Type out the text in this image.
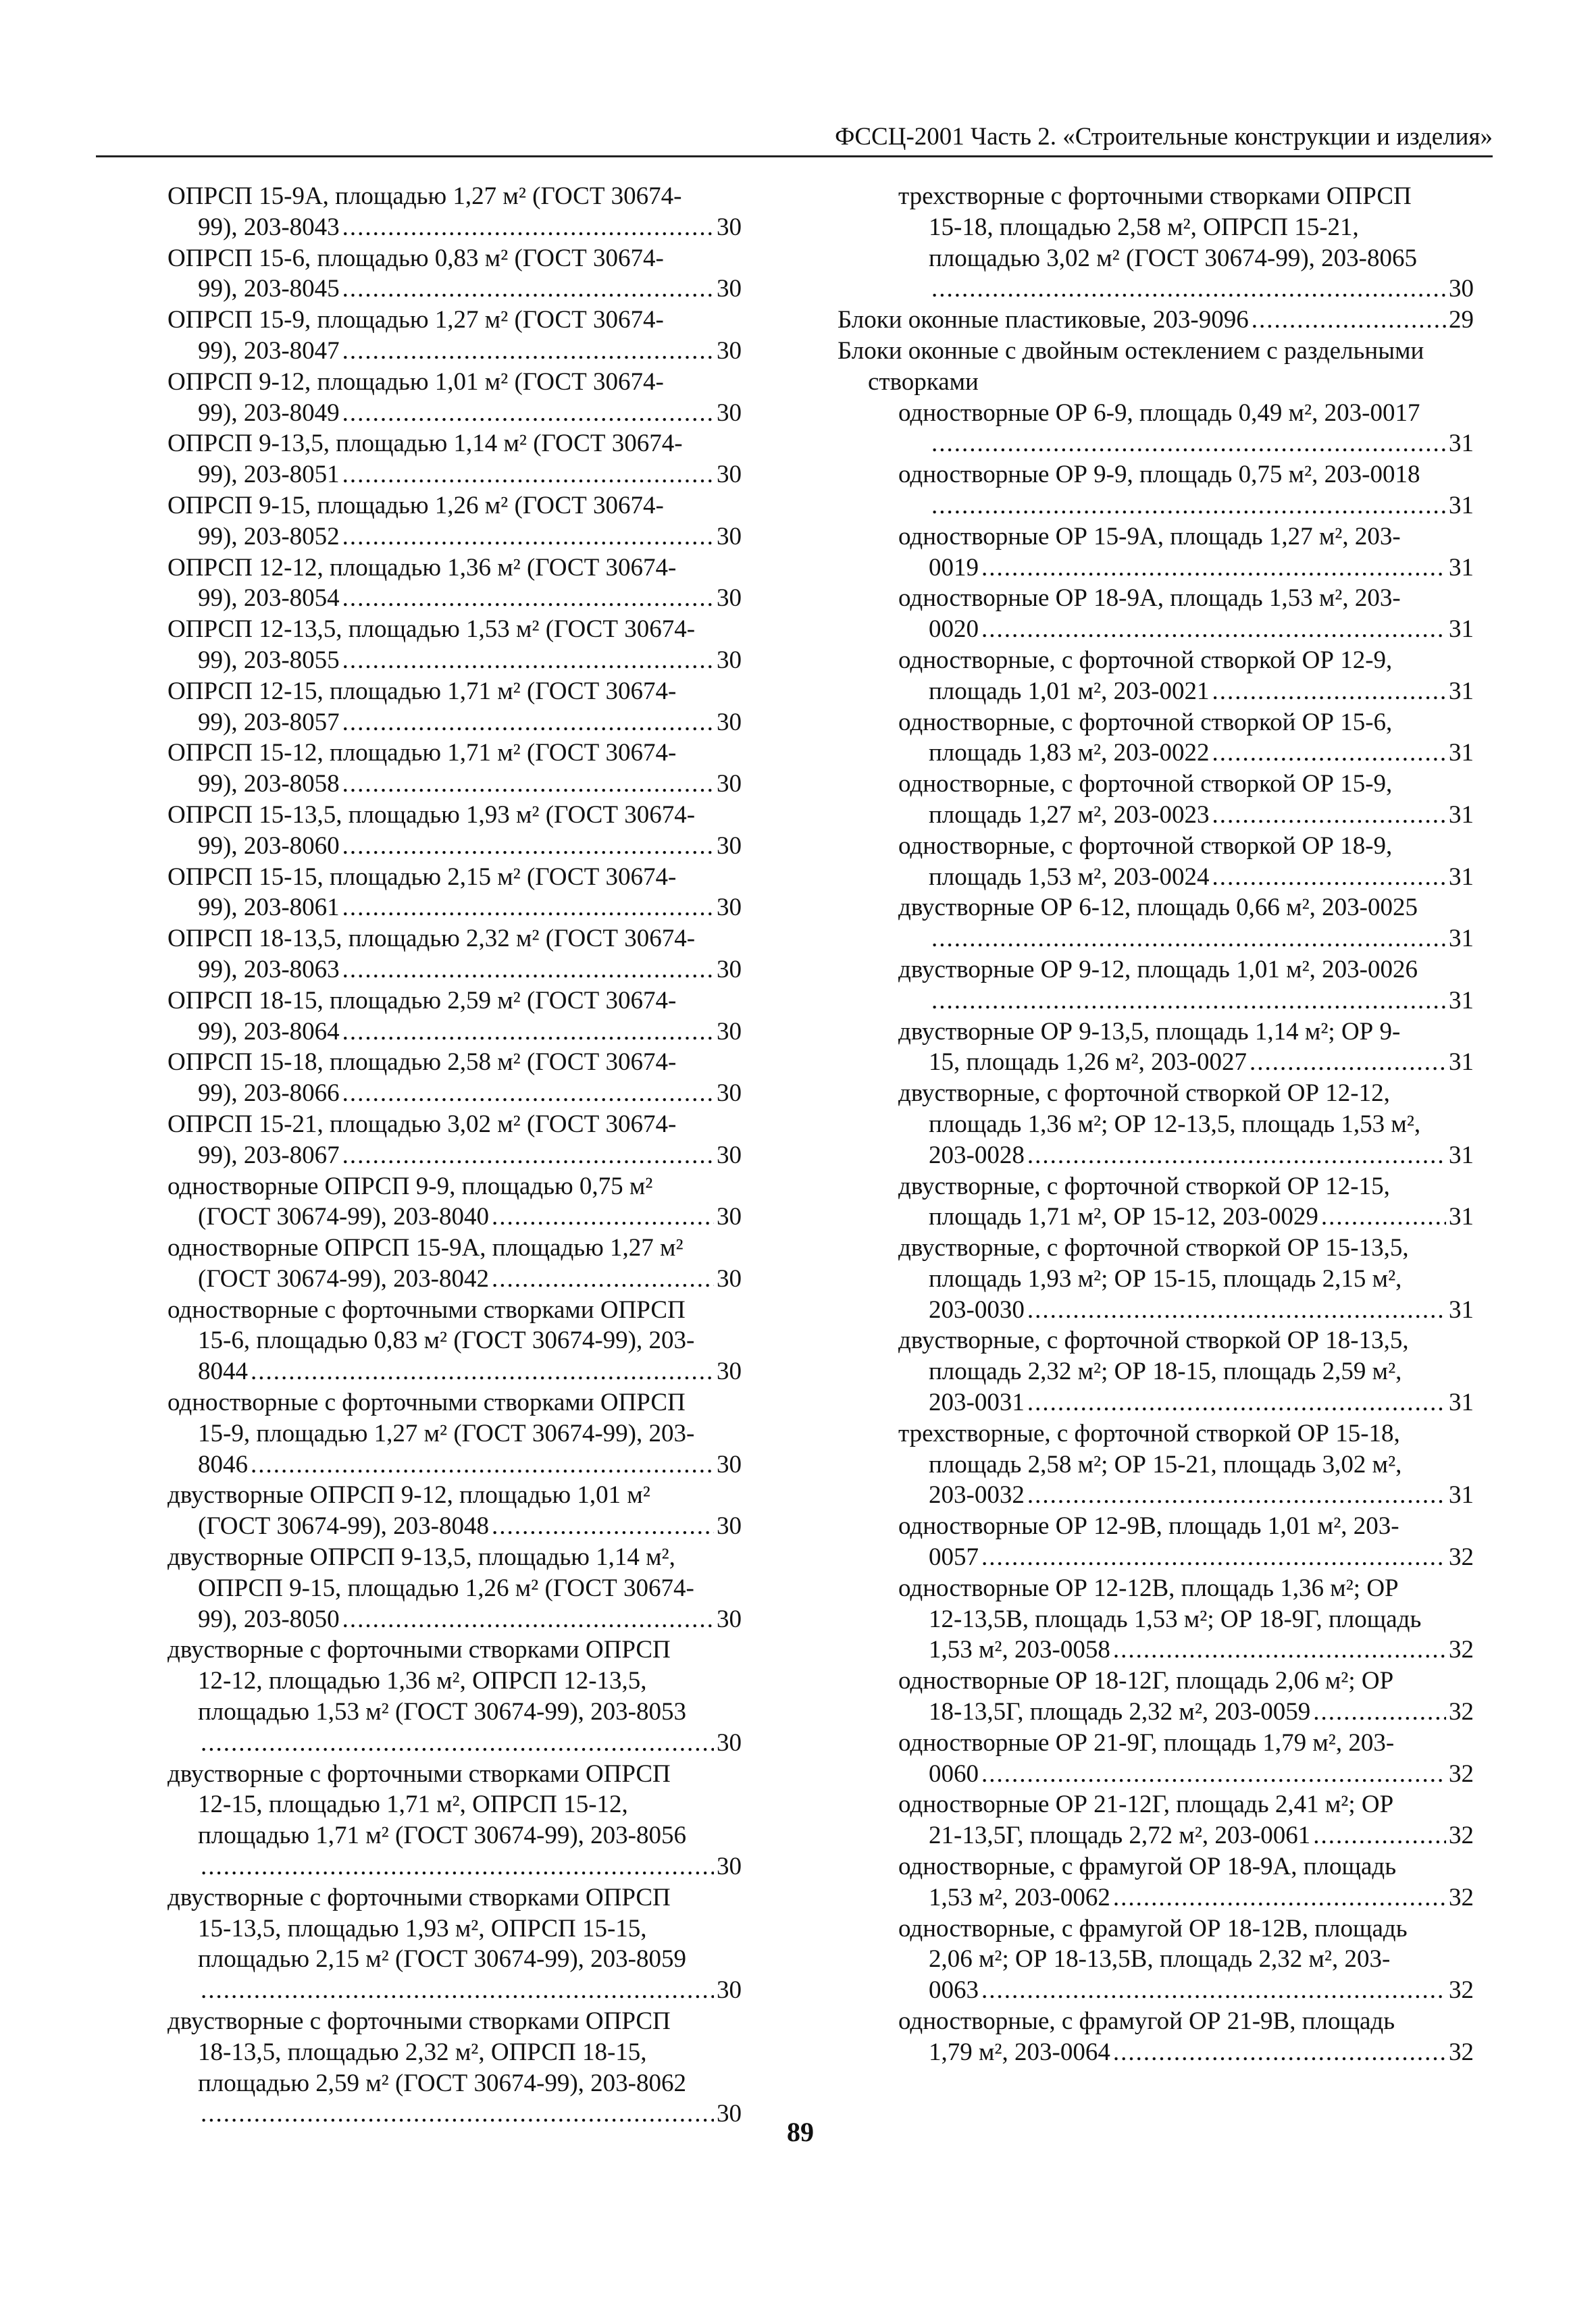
ФССЦ-2001 Часть 2. «Строительные конструкции и изделия»
ОПРСП 15-9А, площадью 1,27 м² (ГОСТ 30674-
99), 203-8043 .....	30
ОПРСП 15-6, площадью 0,83 м² (ГОСТ 30674-
99), 203-8045 .....	30
ОПРСП 15-9, площадью 1,27 м² (ГОСТ 30674-
99), 203-8047 .....	30
ОПРСП 9-12, площадью 1,01 м² (ГОСТ 30674-
99), 203-8049 .....	30
ОПРСП 9-13,5, площадью 1,14 м² (ГОСТ 30674-
99), 203-8051 .....	30
ОПРСП 9-15, площадью 1,26 м² (ГОСТ 30674-
99), 203-8052 .....	30
ОПРСП 12-12, площадью 1,36 м² (ГОСТ 30674-
99), 203-8054 .....	30
ОПРСП 12-13,5, площадью 1,53 м² (ГОСТ 30674-
99), 203-8055 .....	30
ОПРСП 12-15, площадью 1,71 м² (ГОСТ 30674-
99), 203-8057 .....	30
ОПРСП 15-12, площадью 1,71 м² (ГОСТ 30674-
99), 203-8058 .....	30
ОПРСП 15-13,5, площадью 1,93 м² (ГОСТ 30674-
99), 203-8060 .....	30
ОПРСП 15-15, площадью 2,15 м² (ГОСТ 30674-
99), 203-8061 .....	30
ОПРСП 18-13,5, площадью 2,32 м² (ГОСТ 30674-
99), 203-8063 .....	30
ОПРСП 18-15, площадью 2,59 м² (ГОСТ 30674-
99), 203-8064 .....	30
ОПРСП 15-18, площадью 2,58 м² (ГОСТ 30674-
99), 203-8066 .....	30
ОПРСП 15-21, площадью 3,02 м² (ГОСТ 30674-
99), 203-8067 .....	30
одностворные ОПРСП 9-9, площадью 0,75 м²
(ГОСТ 30674-99), 203-8040 .....	30
одностворные ОПРСП 15-9А, площадью 1,27 м²
(ГОСТ 30674-99), 203-8042 .....	30
одностворные с форточными створками ОПРСП
15-6, площадью 0,83 м² (ГОСТ 30674-99), 203-
8044 .....	30
одностворные с форточными створками ОПРСП
15-9, площадью 1,27 м² (ГОСТ 30674-99), 203-
8046 .....	30
двустворные ОПРСП 9-12, площадью 1,01 м²
(ГОСТ 30674-99), 203-8048 .....	30
двустворные ОПРСП 9-13,5, площадью 1,14 м²,
ОПРСП 9-15, площадью 1,26 м² (ГОСТ 30674-
99), 203-8050 .....	30
двустворные с форточными створками ОПРСП
12-12, площадью 1,36 м², ОПРСП 12-13,5,
площадью 1,53 м² (ГОСТ 30674-99), 203-8053
.....
30
двустворные с форточными створками ОПРСП
12-15, площадью 1,71 м², ОПРСП 15-12,
площадью 1,71 м² (ГОСТ 30674-99), 203-8056
.....
30
двустворные с форточными створками ОПРСП
15-13,5, площадью 1,93 м², ОПРСП 15-15,
площадью 2,15 м² (ГОСТ 30674-99), 203-8059
.....
30
двустворные с форточными створками ОПРСП
18-13,5, площадью 2,32 м², ОПРСП 18-15,
площадью 2,59 м² (ГОСТ 30674-99), 203-8062
.....
30
трехстворные с форточными створками ОПРСП
15-18, площадью 2,58 м², ОПРСП 15-21,
площадью 3,02 м² (ГОСТ 30674-99), 203-8065
.....
30
Блоки оконные пластиковые, 203-9096 .....	29
Блоки оконные с двойным остеклением с раздельными
створками
одностворные ОР 6-9, площадь 0,49 м², 203-0017
.....
31
одностворные ОР 9-9, площадь 0,75 м², 203-0018
.....
31
одностворные ОР 15-9А, площадь 1,27 м², 203-
0019 .....	31
одностворные ОР 18-9А, площадь 1,53 м², 203-
0020 .....	31
одностворные, с форточной створкой ОР 12-9,
площадь 1,01 м², 203-0021 .....	31
одностворные, с форточной створкой ОР 15-6,
площадь 1,83 м², 203-0022 .....	31
одностворные, с форточной створкой ОР 15-9,
площадь 1,27 м², 203-0023 .....	31
одностворные, с форточной створкой ОР 18-9,
площадь 1,53 м², 203-0024 .....	31
двустворные ОР 6-12, площадь 0,66 м², 203-0025
.....
31
двустворные ОР 9-12, площадь 1,01 м², 203-0026
.....
31
двустворные ОР 9-13,5, площадь 1,14 м²; ОР 9-
15, площадь 1,26 м², 203-0027 .....	31
двустворные, с форточной створкой ОР 12-12,
площадь 1,36 м²; ОР 12-13,5, площадь 1,53 м²,
203-0028 .....	31
двустворные, с форточной створкой ОР 12-15,
площадь 1,71 м², ОР 15-12, 203-0029 .....	31
двустворные, с форточной створкой ОР 15-13,5,
площадь 1,93 м²; ОР 15-15, площадь 2,15 м²,
203-0030 .....	31
двустворные, с форточной створкой ОР 18-13,5,
площадь 2,32 м²; ОР 18-15, площадь 2,59 м²,
203-0031 .....	31
трехстворные, с форточной створкой ОР 15-18,
площадь 2,58 м²; ОР 15-21, площадь 3,02 м²,
203-0032 .....	31
одностворные ОР 12-9В, площадь 1,01 м², 203-
0057 .....	32
одностворные ОР 12-12В, площадь 1,36 м²; ОР
12-13,5В, площадь 1,53 м²; ОР 18-9Г, площадь
1,53 м², 203-0058 .....	32
одностворные ОР 18-12Г, площадь 2,06 м²; ОР
18-13,5Г, площадь 2,32 м², 203-0059 .....	32
одностворные ОР 21-9Г, площадь 1,79 м², 203-
0060 .....	32
одностворные ОР 21-12Г, площадь 2,41 м²; ОР
21-13,5Г, площадь 2,72 м², 203-0061 .....	32
одностворные, с фрамугой ОР 18-9А, площадь
1,53 м², 203-0062 .....	32
одностворные, с фрамугой ОР 18-12В, площадь
2,06 м²; ОР 18-13,5В, площадь 2,32 м², 203-
0063 .....	32
одностворные, с фрамугой ОР 21-9В, площадь
1,79 м², 203-0064 .....	32
89
